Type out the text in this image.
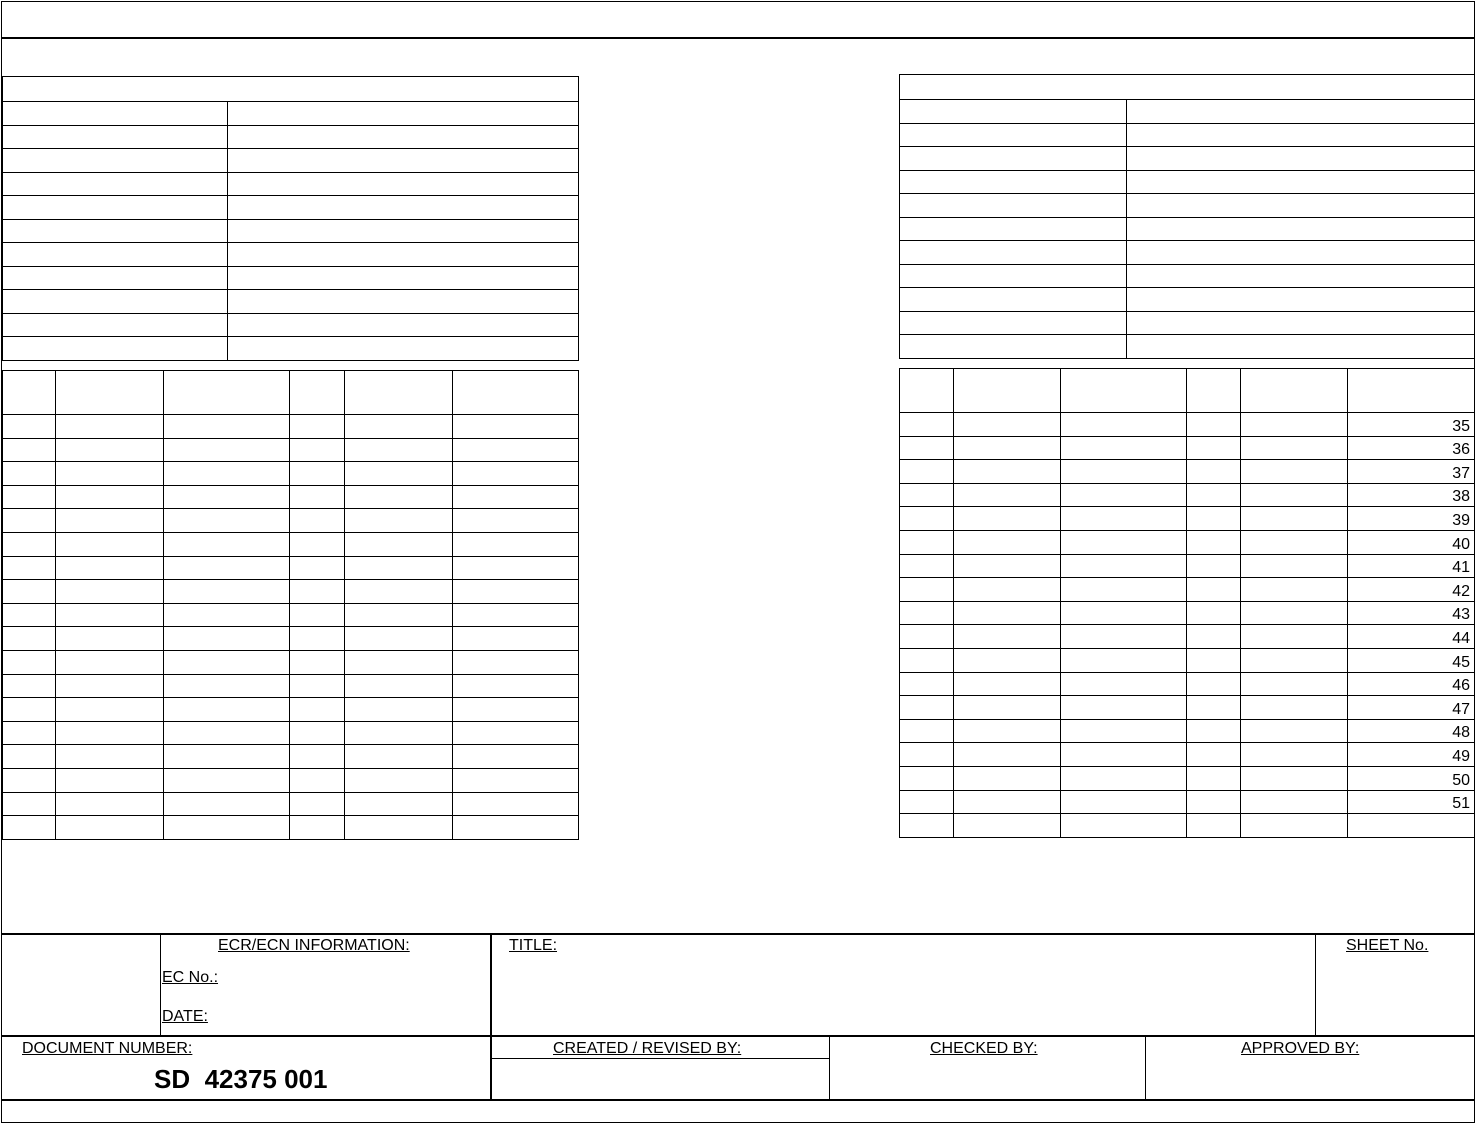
					35
					36
					37
					38
					39
					40
					41
					42
					43
					44
					45
					46
					47
					48
					49
					50
					51

ECR/ECN INFORMATION:
EC No.:
DATE:
TITLE:	SHEET No.
DOCUMENT NUMBER:
SD  42375 001
CREATED / REVISED BY:	CHECKED BY:	APPROVED BY:
